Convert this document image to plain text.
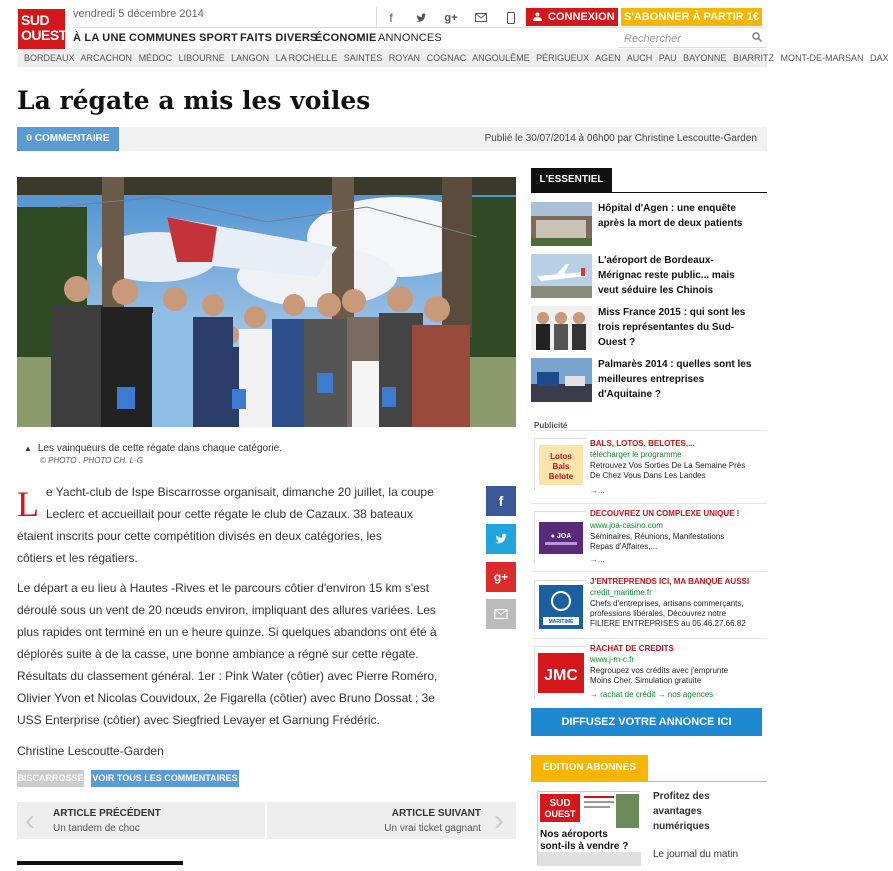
SUD
OUEST
vendredi 5 décembre 2014	f	g+	CONNEXION S'ABONNER À PARTIR 1€
À LA UNE COMMUNES SPORT FAITS DIVERS
ÉCONOMIE ANNONCES	Rechercher
BORDEAUX ARCACHON MÉDOC LIBOURNE LANGON LA ROCHELLE SAINTES ROYAN COGNAC ANGOULÊME PÉRIGUEUX AGEN AUCH PAU BAYONNE BIARRITZ MONT-DE-MARSAN DAX
La régate a mis les voiles
0 COMMENTAIRE	Publié le 30/07/2014 à 06h00 par Christine Lescoutte-Garden
▲ Les vainqueurs de cette régate dans chaque catégorie.
© PHOTO . PHOTO CH. L-G
L e Yacht-club de Ispe Biscarrosse organisait, dimanche 20 juillet, la coupe
Leclerc et accueillait pour cette régate le club de Cazaux. 38 bateaux
étaient inscrits pour cette compétition divisés en deux catégories, les
côtiers et les régatiers.
Le départ a eu lieu à Hautes -Rives et le parcours côtier d'environ 15 km s'est
déroulé sous un vent de 20 nœuds environ, impliquant des allures variées. Les
plus rapides ont terminé en un e heure quinze. Si quelques abandons ont été à
déplorés suite à de la casse, une bonne ambiance a régné sur cette régate.
Résultats du classement général. 1er : Pink Water (côtier) avec Pierre Roméro,
Olivier Yvon et Nicolas Couvidoux, 2e Figarella (côtier) avec Bruno Dossat ; 3e
USS Enterprise (côtier) avec Siegfried Levayer et Garnung Frédéric.
Christine Lescoutte-Garden
f
g+
BISCARROSSE VOIR TOUS LES COMMENTAIRES
‹ ARTICLE PRÉCÉDENT
Un tandem de choc
ARTICLE SUIVANT
Un vrai ticket gagnant ›
L'ESSENTIEL
Hôpital d'Agen : une enquête
après la mort de deux patients
L'aéroport de Bordeaux-
Mérignac reste public... mais
veut séduire les Chinois
Miss France 2015 : qui sont les
trois représentantes du Sud-
Ouest ?
Palmarès 2014 : quelles sont les
meilleures entreprises
d'Aquitaine ?
Publicité
Lotos
Bals
Belote
BALS, LOTOS, BELOTES,...
télécharger le programme
Retrouvez Vos Sorties De La Semaine Près
De Chez Vous Dans Les Landes
→...
● JOA
DECOUVREZ UN COMPLEXE UNIQUE !
www.joa-casino.com
Séminaires, Réunions, Manifestations
Repas d'Affaires,...
→...
MARITIME
J'ENTREPRENDS ICI, MA BANQUE AUSSI
credit_maritime.fr
Chefs d'entreprises, artisans commerçants,
professions libérales, Découvrez notre
FILIERE ENTREPRISES au 05.46.27.66.82
JMC
RACHAT DE CREDITS
www.j-m-c.fr
Regroupez vos crédits avec j'emprunte
Moins Cher. Simulation gratuite
→ rachat de crédit → nos agences
DIFFUSEZ VOTRE ANNONCE ICI
ÉDITION ABONNÉS
SUD
OUEST
Nos aéroports
sont-ils à vendre ?
Profitez des
avantages
numériques
Le journal du matin
